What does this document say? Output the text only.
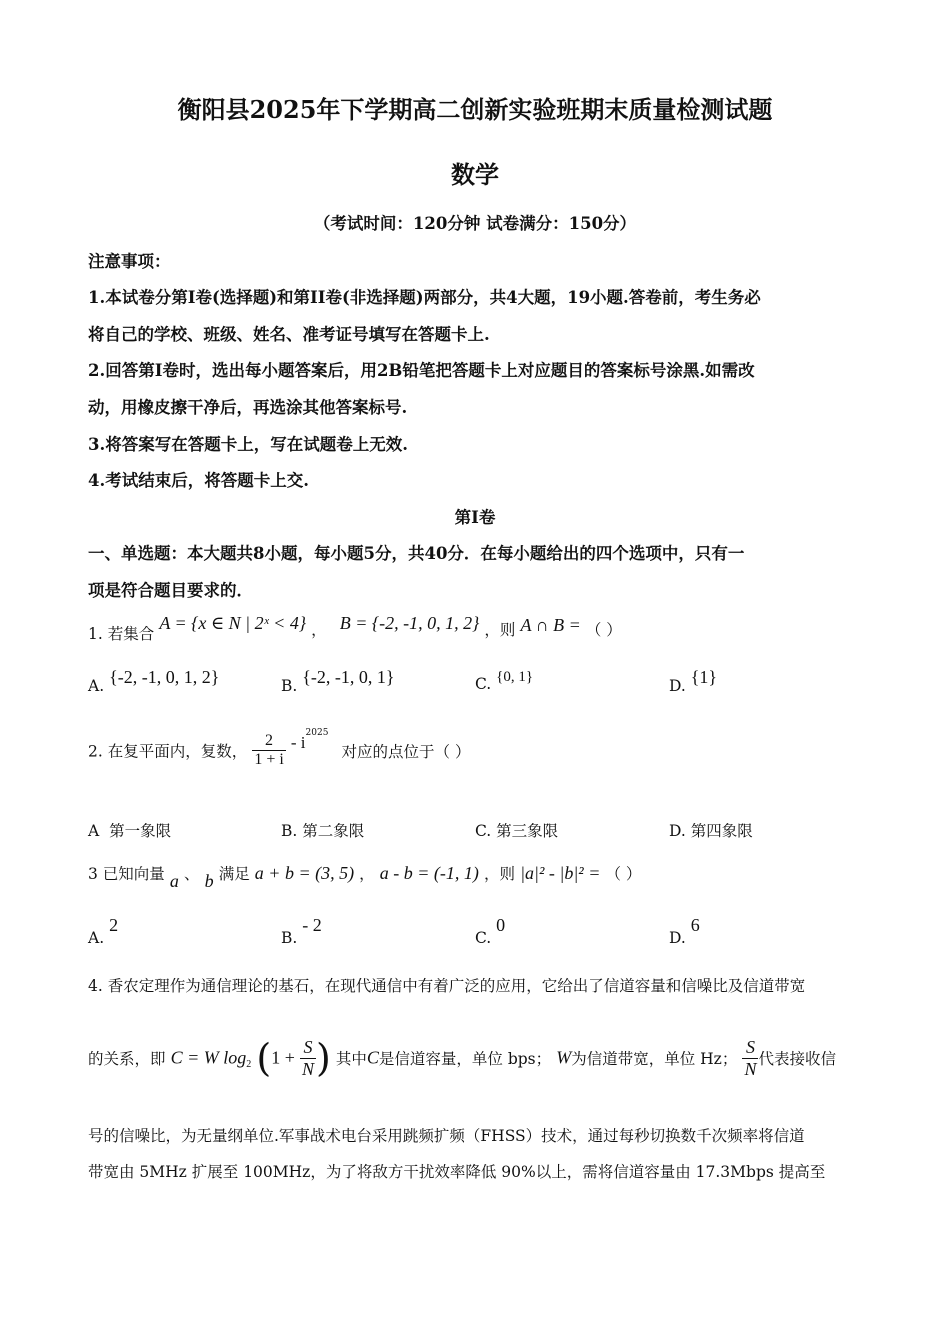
衡阳县2025年下学期高二创新实验班期末质量检测试题
数学
（考试时间：120分钟 试卷满分：150分）
注意事项：
1.本试卷分第I卷(选择题)和第II卷(非选择题)两部分，共4大题，19小题.答卷前，考生务必
将自己的学校、班级、姓名、准考证号填写在答题卡上.
2.回答第I卷时，选出每小题答案后，用2B铅笔把答题卡上对应题目的答案标号涂黑.如需改
动，用橡皮擦干净后，再选涂其他答案标号.
3.将答案写在答题卡上，写在试题卷上无效.
4.考试结束后，将答题卡上交.
第I卷
一、单选题：本大题共8小题，每小题5分，共40分．在每小题给出的四个选项中，只有一
项是符合题目要求的．
1. 若集合 A = {x ∈ N | 2ˣ < 4} ， B = {-2, -1, 0, 1, 2} ，则 A ∩ B = （ ）
A. {-2, -1, 0, 1, 2}	B. {-2, -1, 0, 1}	C. {0, 1}	D. {1}
2. 在复平面内，复数， $\frac{2}{1 + i} - i^{2025}$ 对应的点位于（ ）
A 第一象限	B. 第二象限	C. 第三象限	D. 第四象限
3 已知向量 a 、 b 满足 a + b = (3, 5) ， a - b = (-1, 1) ，则 |a|² - |b|² = （ ）
A. 2
B. - 2
C. 0
D. 6
4. 香农定理作为通信理论的基石，在现代通信中有着广泛的应用，它给出了信道容量和信噪比及信道带宽
的关系，即 C = W $\log_2 (1 + \frac{S}{N}$ ) 其中C是信道容量，单位 bps； W为信道带宽，单位 Hz； $\frac{S}{N}$ 代表接收信
号的信噪比，为无量纲单位.军事战术电台采用跳频扩频（FHSS）技术，通过每秒切换数千次频率将信道
带宽由 5MHz 扩展至 100MHz，为了将敌方干扰效率降低 90%以上，需将信道容量由 17.3Mbps 提高至
